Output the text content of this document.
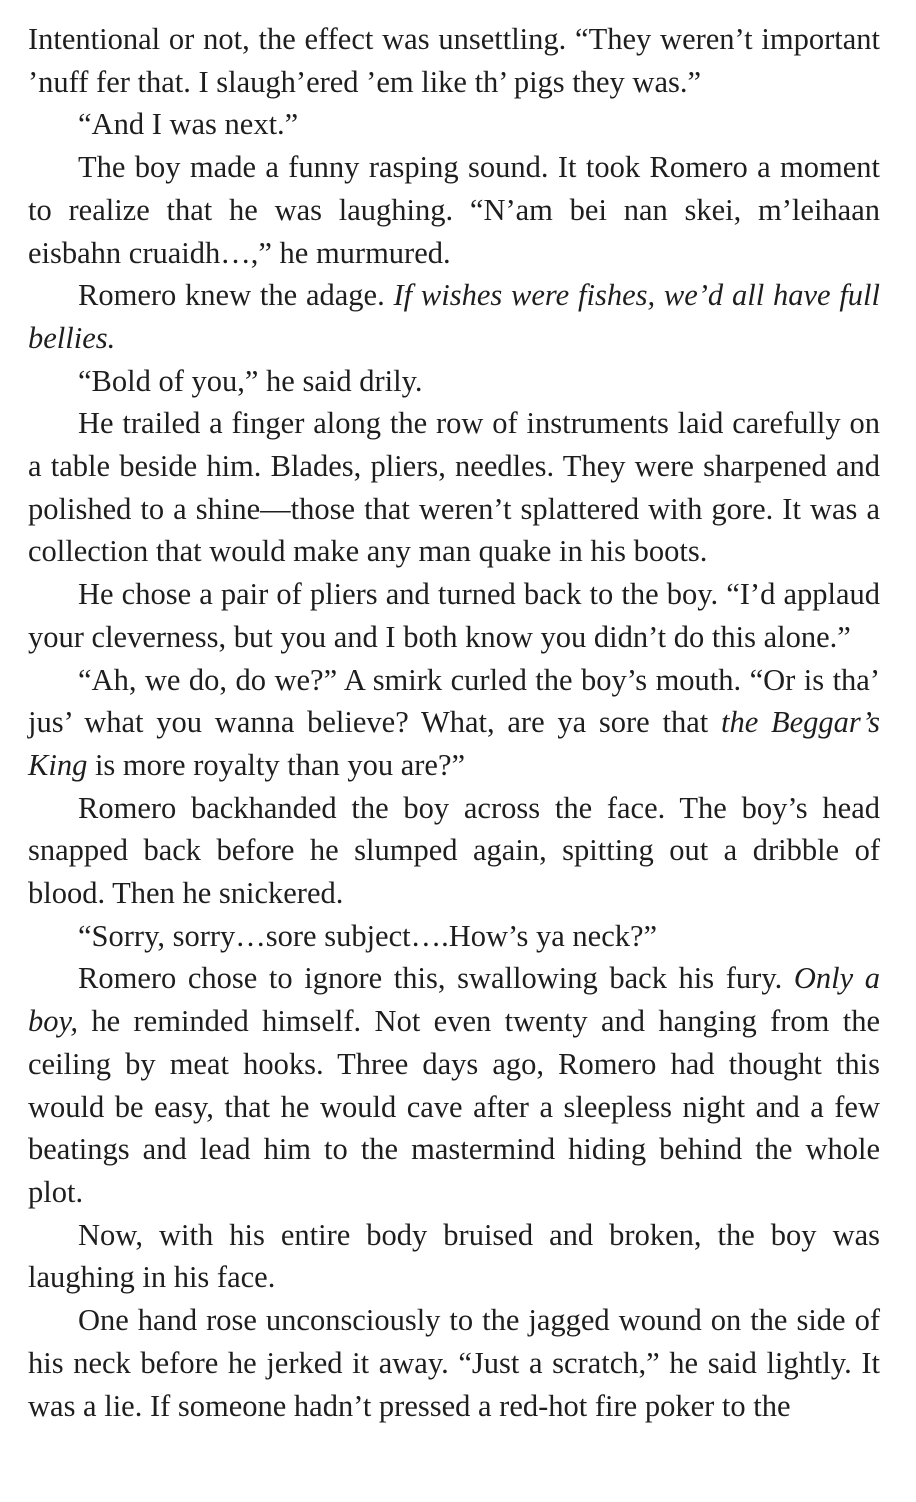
Intentional or not, the effect was unsettling. “They weren’t important ’nuff fer that. I slaugh’ered ’em like th’ pigs they was.”

“And I was next.”

The boy made a funny rasping sound. It took Romero a moment to realize that he was laughing. “N’am bei nan skei, m’leihaan eisbahn cruaidh…,” he murmured.

Romero knew the adage. If wishes were fishes, we’d all have full bellies.

“Bold of you,” he said drily.

He trailed a finger along the row of instruments laid carefully on a table beside him. Blades, pliers, needles. They were sharpened and polished to a shine—those that weren’t splattered with gore. It was a collection that would make any man quake in his boots.

He chose a pair of pliers and turned back to the boy. “I’d applaud your cleverness, but you and I both know you didn’t do this alone.”

“Ah, we do, do we?” A smirk curled the boy’s mouth. “Or is tha’ jus’ what you wanna believe? What, are ya sore that the Beggar’s King is more royalty than you are?”

Romero backhanded the boy across the face. The boy’s head snapped back before he slumped again, spitting out a dribble of blood. Then he snickered.

“Sorry, sorry…sore subject….How’s ya neck?”

Romero chose to ignore this, swallowing back his fury. Only a boy, he reminded himself. Not even twenty and hanging from the ceiling by meat hooks. Three days ago, Romero had thought this would be easy, that he would cave after a sleepless night and a few beatings and lead him to the mastermind hiding behind the whole plot.

Now, with his entire body bruised and broken, the boy was laughing in his face.

One hand rose unconsciously to the jagged wound on the side of his neck before he jerked it away. “Just a scratch,” he said lightly. It was a lie. If someone hadn’t pressed a red-hot fire poker to the
